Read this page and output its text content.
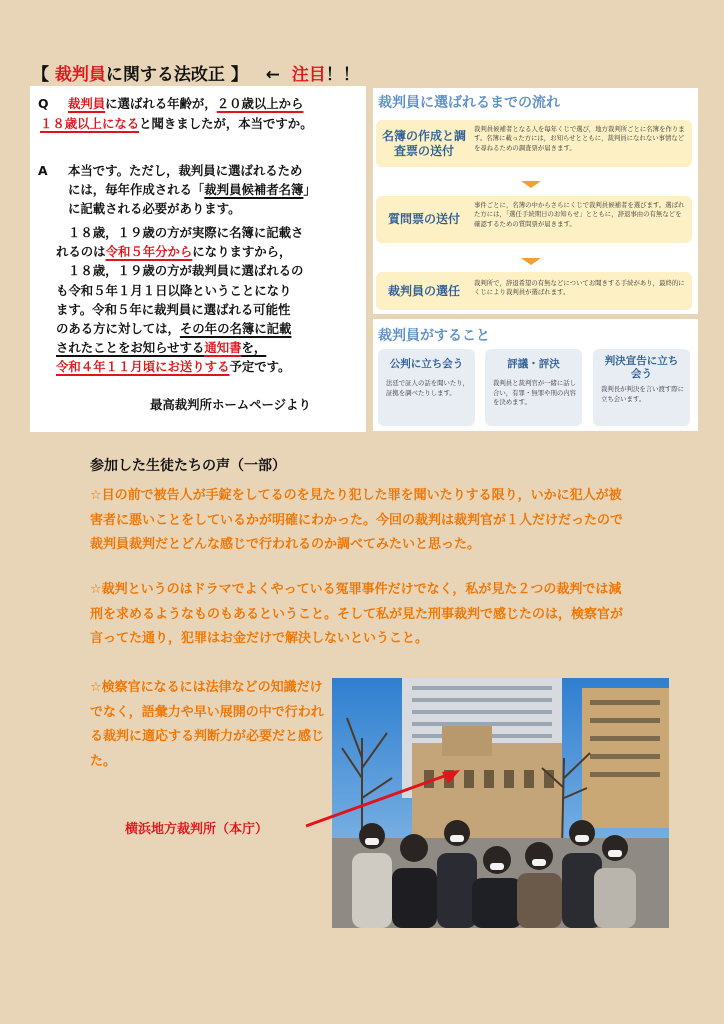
【 裁判員に関する法改正 】 ← 注目！！
Q 裁判員に選ばれる年齢が，２０歳以上から
１８歳以上になると聞きましたが，本当ですか。
A 本当です。ただし，裁判員に選ばれるため
には，毎年作成される「裁判員候補者名簿」
に記載される必要があります。
１８歳，１９歳の方が実際に名簿に記載さ
れるのは令和５年分からになりますから，
１８歳，１９歳の方が裁判員に選ばれるの
も令和５年１月１日以降ということになり
ます。令和５年に裁判員に選ばれる可能性
のある方に対しては，その年の名簿に記載
されたことをお知らせする通知書を，
令和４年１１月頃にお送りする予定です。
最高裁判所ホームページより
裁判員に選ばれるまでの流れ
名簿の作成と調査票の送付
裁判員候補者となる人を毎年くじで選び，地方裁判所ごとに名簿を作ります。名簿に載った方には，お知らせとともに，裁判員になれない事情などを尋ねるための調査票が届きます。
質問票の送付
事件ごとに，名簿の中からさらにくじで裁判員候補者を選びます。選ばれた方には，「選任手続期日のお知らせ」とともに，辞退事由の有無などを確認するための質問票が届きます。
裁判員の選任
裁判所で，辞退希望の有無などについてお聞きする手続があり，最終的にくじにより裁判員が選ばれます。
裁判員がすること
公判に立ち会う
法廷で証人の話を聞いたり，証拠を調べたりします。
評議・評決
裁判員と裁判官が一緒に話し合い，有罪・無罪や刑の内容を決めます。
判決宣告に立ち会う
裁判長が判決を言い渡す際に立ち会います。
参加した生徒たちの声（一部）
☆目の前で被告人が手錠をしてるのを見たり犯した罪を聞いたりする限り，いかに犯人が被害者に悪いことをしているかが明確にわかった。今回の裁判は裁判官が１人だけだったので裁判員裁判だとどんな感じで行われるのか調べてみたいと思った。
☆裁判というのはドラマでよくやっている冤罪事件だけでなく，私が見た２つの裁判では減刑を求めるようなものもあるということ。そして私が見た刑事裁判で感じたのは，検察官が言ってた通り，犯罪はお金だけで解決しないということ。
☆検察官になるには法律などの知識だけでなく，語彙力や早い展開の中で行われる裁判に適応する判断力が必要だと感じた。
横浜地方裁判所（本庁）
